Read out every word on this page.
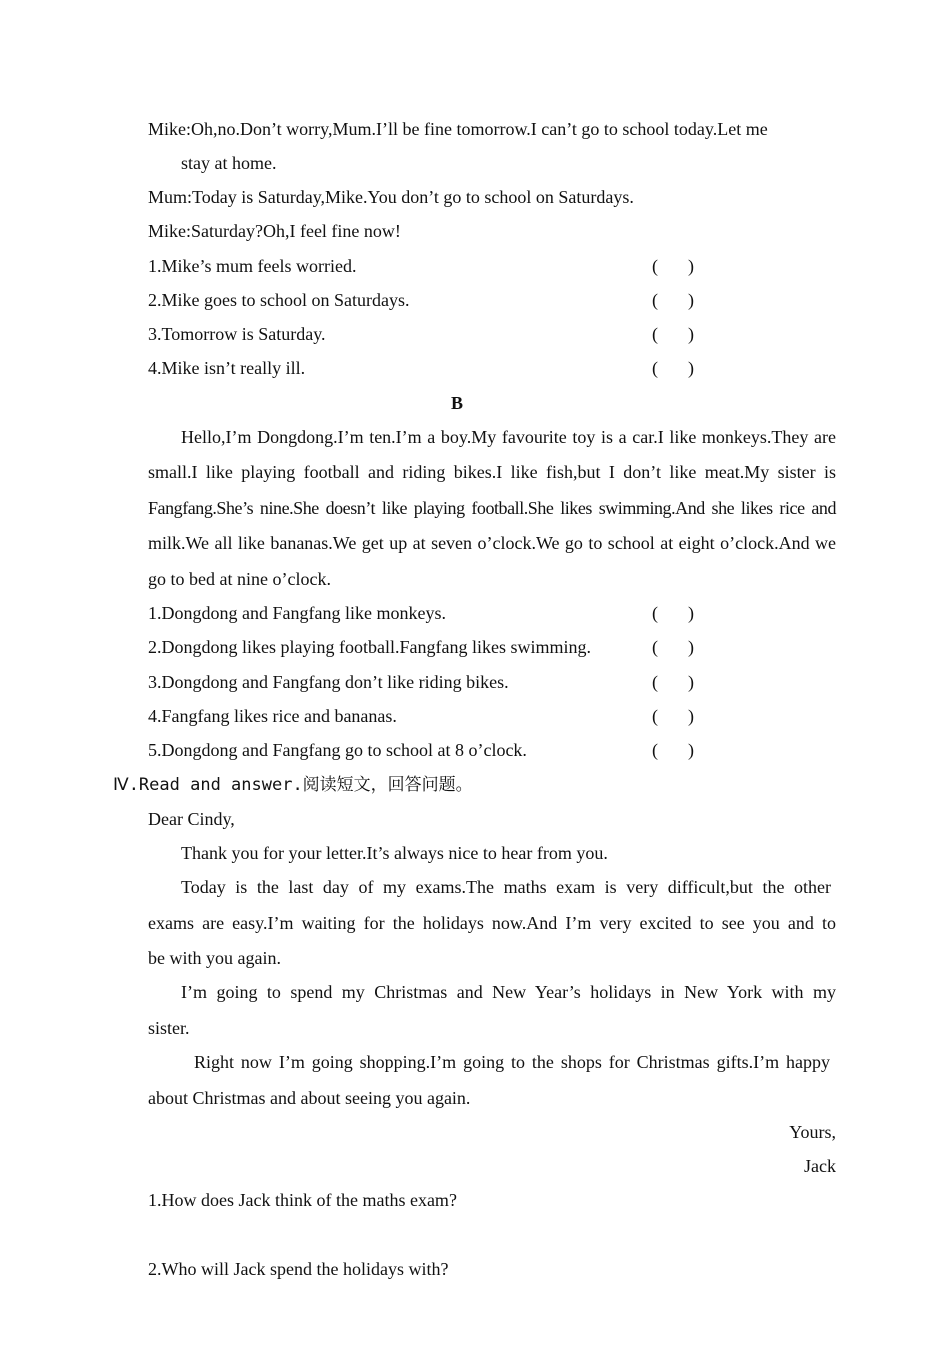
Mike:Oh,no.Don’t worry,Mum.I’ll be fine tomorrow.I can’t go to school today.Let me
stay at home.
Mum:Today is Saturday,Mike.You don’t go to school on Saturdays.
Mike:Saturday?Oh,I feel fine now!
1.Mike’s mum feels worried.	( )
2.Mike goes to school on Saturdays.	( )
3.Tomorrow is Saturday.	( )
4.Mike isn’t really ill.	( )
B
Hello,I’m Dongdong.I’m ten.I’m a boy.My favourite toy is a car.I like monkeys.They are
small.I like playing football and riding bikes.I like fish,but I don’t like meat.My sister is
Fangfang.She’s nine.She doesn’t like playing football.She likes swimming.And she likes rice and
milk.We all like bananas.We get up at seven o’clock.We go to school at eight o’clock.And we
go to bed at nine o’clock.
1.Dongdong and Fangfang like monkeys.	( )
2.Dongdong likes playing football.Fangfang likes swimming.	( )
3.Dongdong and Fangfang don’t like riding bikes.	( )
4.Fangfang likes rice and bananas.	( )
5.Dongdong and Fangfang go to school at 8 o’clock.	( )
Ⅳ.Read and answer.阅读短文，回答问题。
Dear Cindy,
Thank you for your letter.It’s always nice to hear from you.
Today is the last day of my exams.The maths exam is very difficult,but the other
exams are easy.I’m waiting for the holidays now.And I’m very excited to see you and to
be with you again.
I’m going to spend my Christmas and New Year’s holidays in New York with my
sister.
Right now I’m going shopping.I’m going to the shops for Christmas gifts.I’m happy
about Christmas and about seeing you again.
Yours,
Jack
1.How does Jack think of the maths exam?
2.Who will Jack spend the holidays with?
